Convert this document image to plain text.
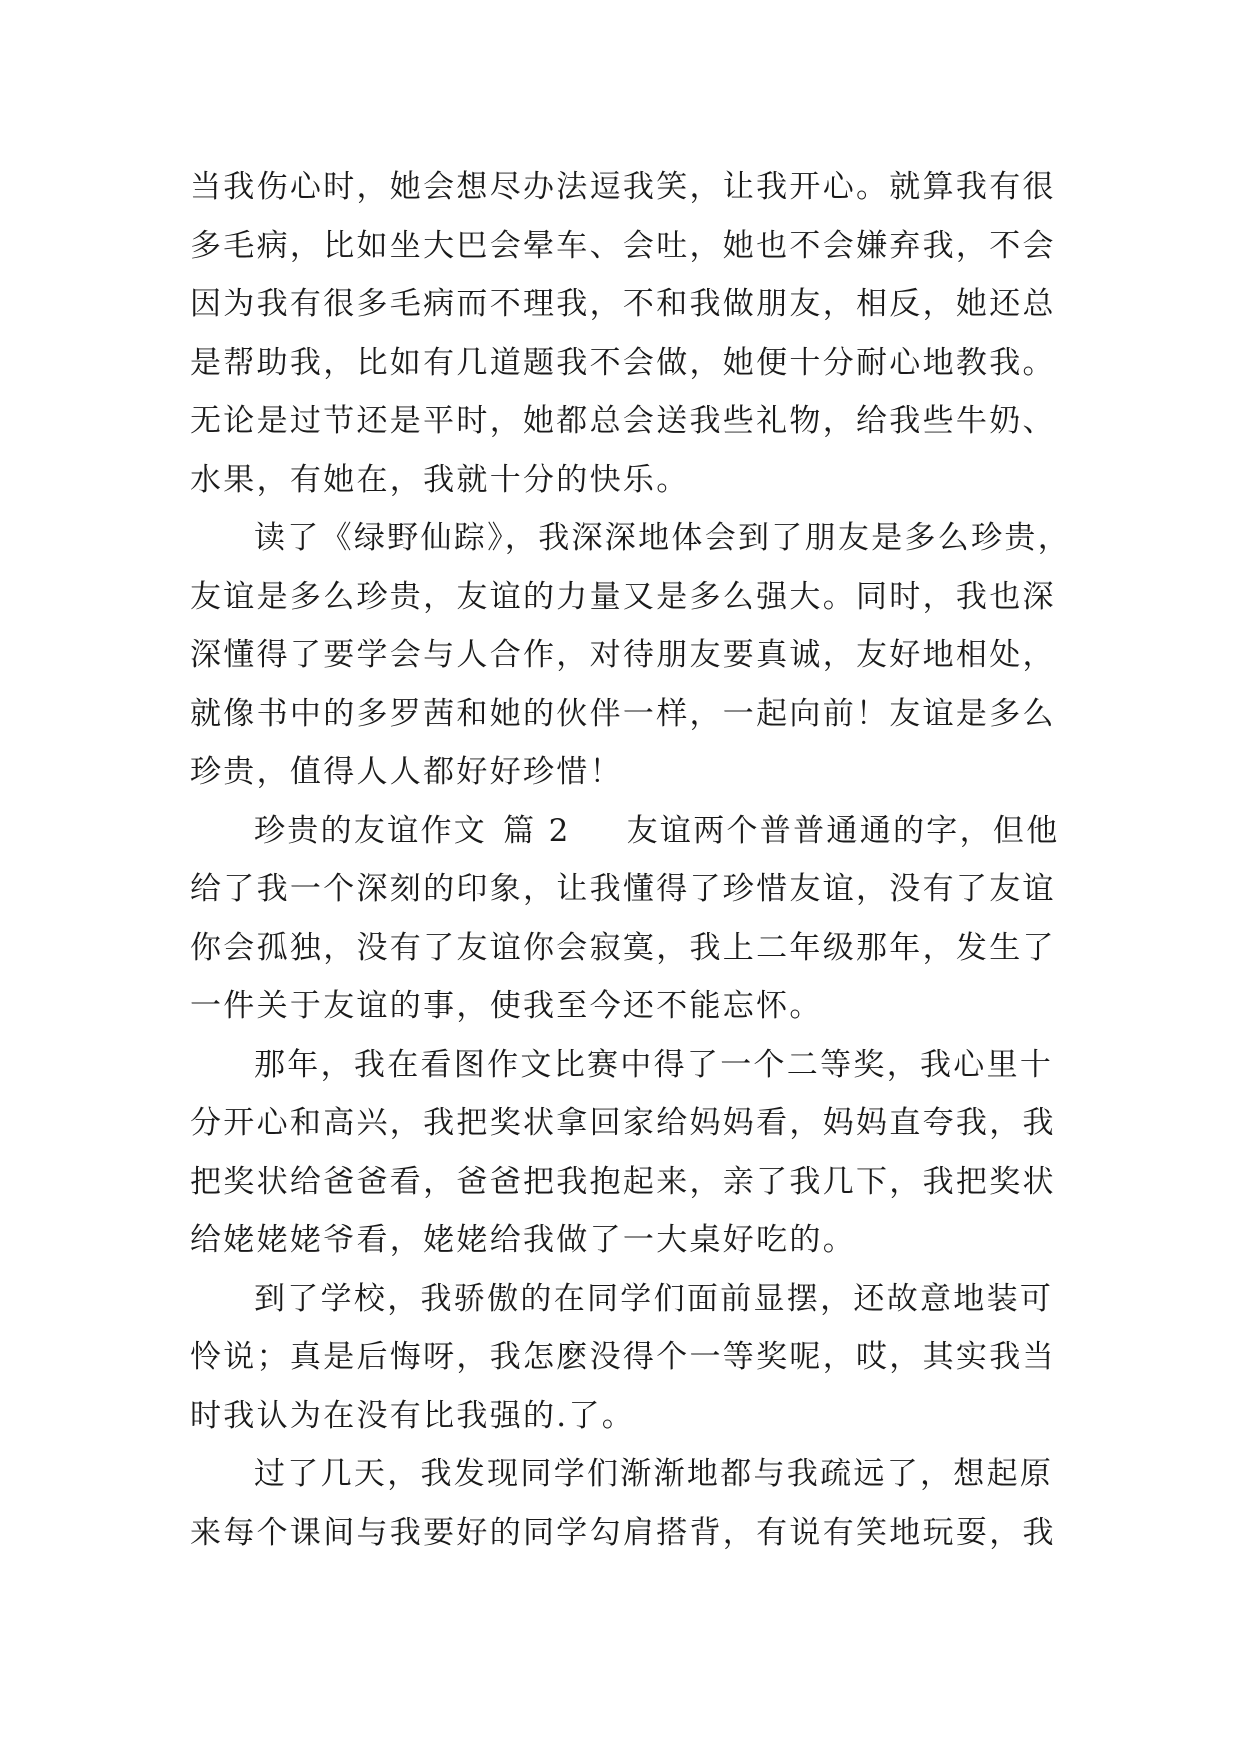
当我伤心时，她会想尽办法逗我笑，让我开心。就算我有很
多毛病，比如坐大巴会晕车、会吐，她也不会嫌弃我，不会
因为我有很多毛病而不理我，不和我做朋友，相反，她还总
是帮助我，比如有几道题我不会做，她便十分耐心地教我。
无论是过节还是平时，她都总会送我些礼物，给我些牛奶、
水果，有她在，我就十分的快乐。
读了《绿野仙踪》，我深深地体会到了朋友是多么珍贵，
友谊是多么珍贵，友谊的力量又是多么强大。同时，我也深
深懂得了要学会与人合作，对待朋友要真诚，友好地相处，
就像书中的多罗茜和她的伙伴一样，一起向前！友谊是多么
珍贵，值得人人都好好珍惜！
珍贵的友谊作文 篇 2 友谊两个普普通通的字，但他
给了我一个深刻的印象，让我懂得了珍惜友谊，没有了友谊
你会孤独，没有了友谊你会寂寞，我上二年级那年，发生了
一件关于友谊的事，使我至今还不能忘怀。
那年，我在看图作文比赛中得了一个二等奖，我心里十
分开心和高兴，我把奖状拿回家给妈妈看，妈妈直夸我，我
把奖状给爸爸看，爸爸把我抱起来，亲了我几下，我把奖状
给姥姥姥爷看，姥姥给我做了一大桌好吃的。
到了学校，我骄傲的在同学们面前显摆，还故意地装可
怜说；真是后悔呀，我怎麽没得个一等奖呢，哎，其实我当
时我认为在没有比我强的.了。
过了几天，我发现同学们渐渐地都与我疏远了，想起原
来每个课间与我要好的同学勾肩搭背，有说有笑地玩耍，我
